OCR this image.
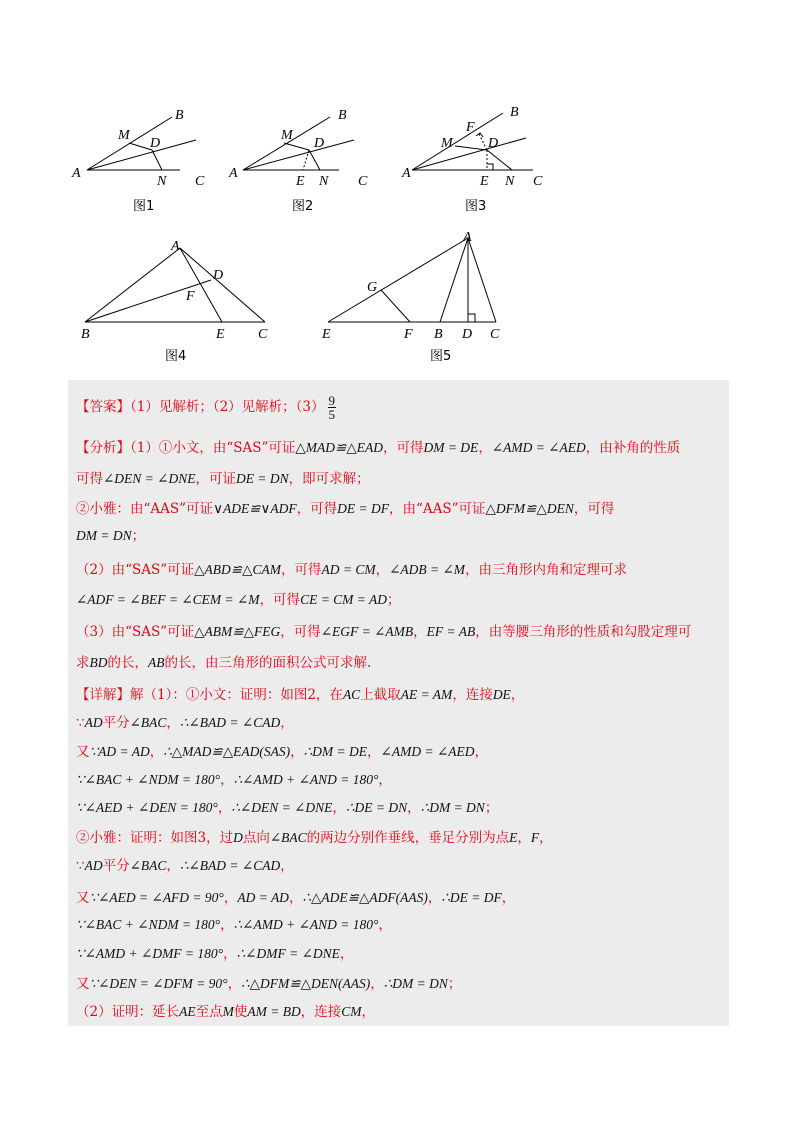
A
B
M
D
N C
A
B
M
D
E N C
A
B
F
M	D
E N C
A
D
F
B	E C
A
G
E	F B D C
图1	图2	图3
图4	图5
【答案】（1）见解析；（2）见解析；$(3) \frac{9}{5}$
【分析】（1）①小文，由“SAS”可证△MAD≌△EAD，可得DM = DE，∠AMD = ∠AED，由补角的性质
可得∠DEN = ∠DNE，可证DE = DN，即可求解；
②小雅：由“AAS”可证∨ADE≌∨ADF，可得DE = DF，由“AAS”可证△DFM≌△DEN，可得
DM = DN；
（2）由“SAS”可证△ABD≌△CAM，可得AD = CM，∠ADB = ∠M，由三角形内角和定理可求
∠ADF = ∠BEF = ∠CEM = ∠M，可得CE = CM = AD；
（3）由“SAS”可证△ABM≌△FEG，可得∠EGF = ∠AMB，EF = AB，由等腰三角形的性质和勾股定理可
求BD的长，AB的长，由三角形的面积公式可求解.
【详解】解（1）：①小文：证明：如图2，在AC上截取AE = AM，连接DE，
∵AD平分∠BAC，∴∠BAD = ∠CAD，
又∵AD = AD，∴△MAD≌△EAD(SAS)，∴DM = DE，∠AMD = ∠AED，
∵∠BAC + ∠NDM = 180°，∴∠AMD + ∠AND = 180°，
∵∠AED + ∠DEN = 180°，∴∠DEN = ∠DNE，∴DE = DN，∴DM = DN；
②小雅：证明：如图3，过D点向∠BAC的两边分别作垂线，垂足分别为点E，F，
∵AD平分∠BAC，∴∠BAD = ∠CAD，
又∵∠AED = ∠AFD = 90°，AD = AD，∴△ADE≌△ADF(AAS)，∴DE = DF，
∵∠BAC + ∠NDM = 180°，∴∠AMD + ∠AND = 180°，
∵∠AMD + ∠DMF = 180°，∴∠DMF = ∠DNE，
又∵∠DEN = ∠DFM = 90°，∴△DFM≌△DEN(AAS)，∴DM = DN；
（2）证明：延长AE至点M使AM = BD，连接CM，
